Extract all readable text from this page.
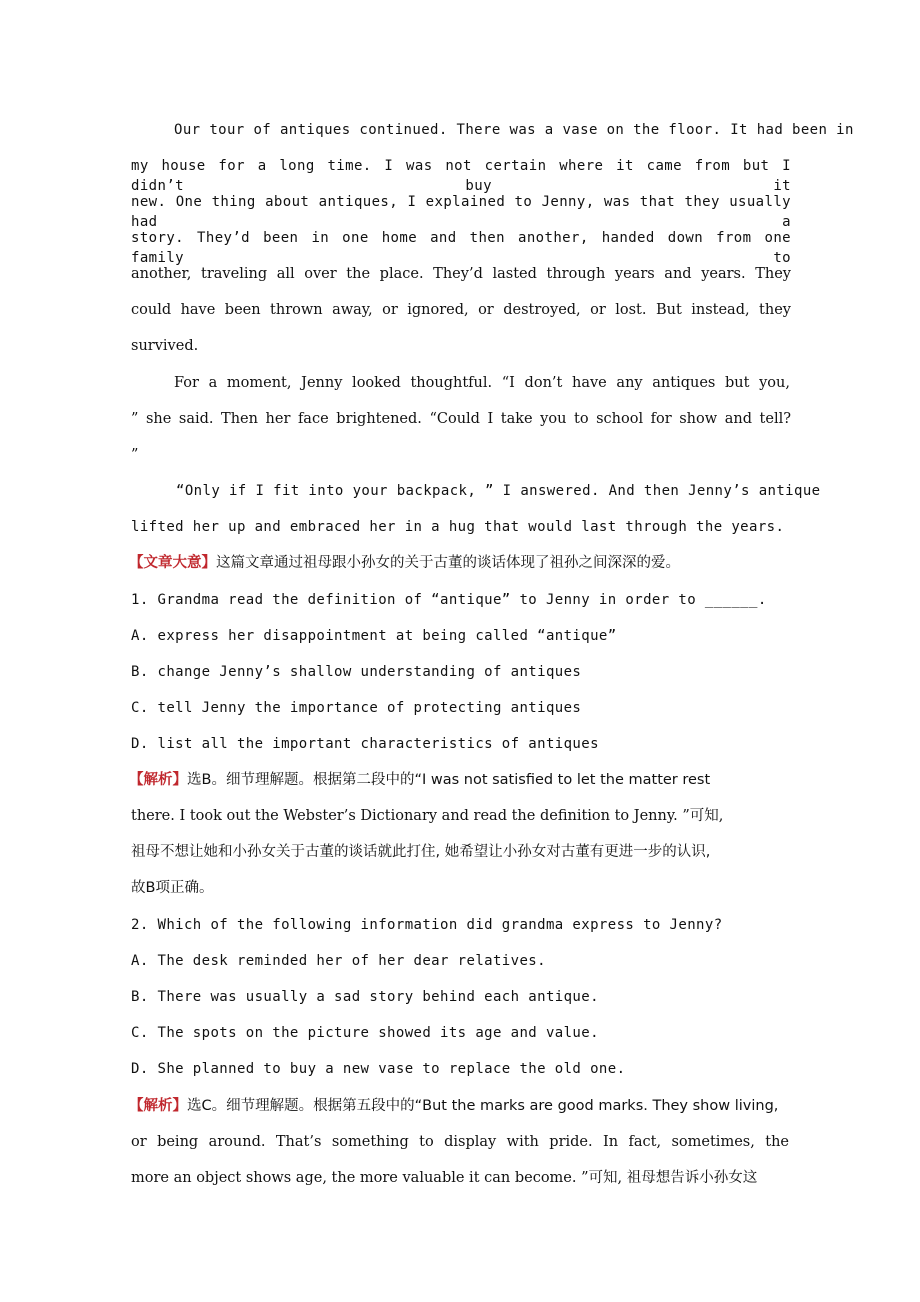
Our tour of antiques continued. There was a vase on the floor. It had been in
my house for a long time. I was not certain where it came from but I didn’t buy it
new. One thing about antiques, I explained to Jenny, was that they usually had a
story. They’d been in one home and then another, handed down from one family to
another, traveling all over the place. They’d lasted through years and years. They
could have been thrown away, or ignored, or destroyed, or lost. But instead, they
survived.
For a moment, Jenny looked thoughtful. “I don’t have any antiques but you,
” she said. Then her face brightened. “Could I take you to school for show and tell?
”
“Only if I fit into your backpack, ” I answered. And then Jenny’s antique
lifted her up and embraced her in a hug that would last through the years.
【文章大意】这篇文章通过祖母跟小孙女的关于古董的谈话体现了祖孙之间深深的爱。
1. Grandma read the definition of “antique” to Jenny in order to ______.
A. express her disappointment at being called “antique”
B. change Jenny’s shallow understanding of antiques
C. tell Jenny the importance of protecting antiques
D. list all the important characteristics of antiques
【解析】选B。细节理解题。根据第二段中的“I was not satisfied to let the matter rest
there. I took out the Webster’s Dictionary and read the definition to Jenny. ”可知,
祖母不想让她和小孙女关于古董的谈话就此打住, 她希望让小孙女对古董有更进一步的认识,
故B项正确。
2. Which of the following information did grandma express to Jenny?
A. The desk reminded her of her dear relatives.
B. There was usually a sad story behind each antique.
C. The spots on the picture showed its age and value.
D. She planned to buy a new vase to replace the old one.
【解析】选C。细节理解题。根据第五段中的“But the marks are good marks. They show living,
or being around. That’s something to display with pride. In fact, sometimes, the
more an object shows age, the more valuable it can become. ”可知, 祖母想告诉小孙女这
